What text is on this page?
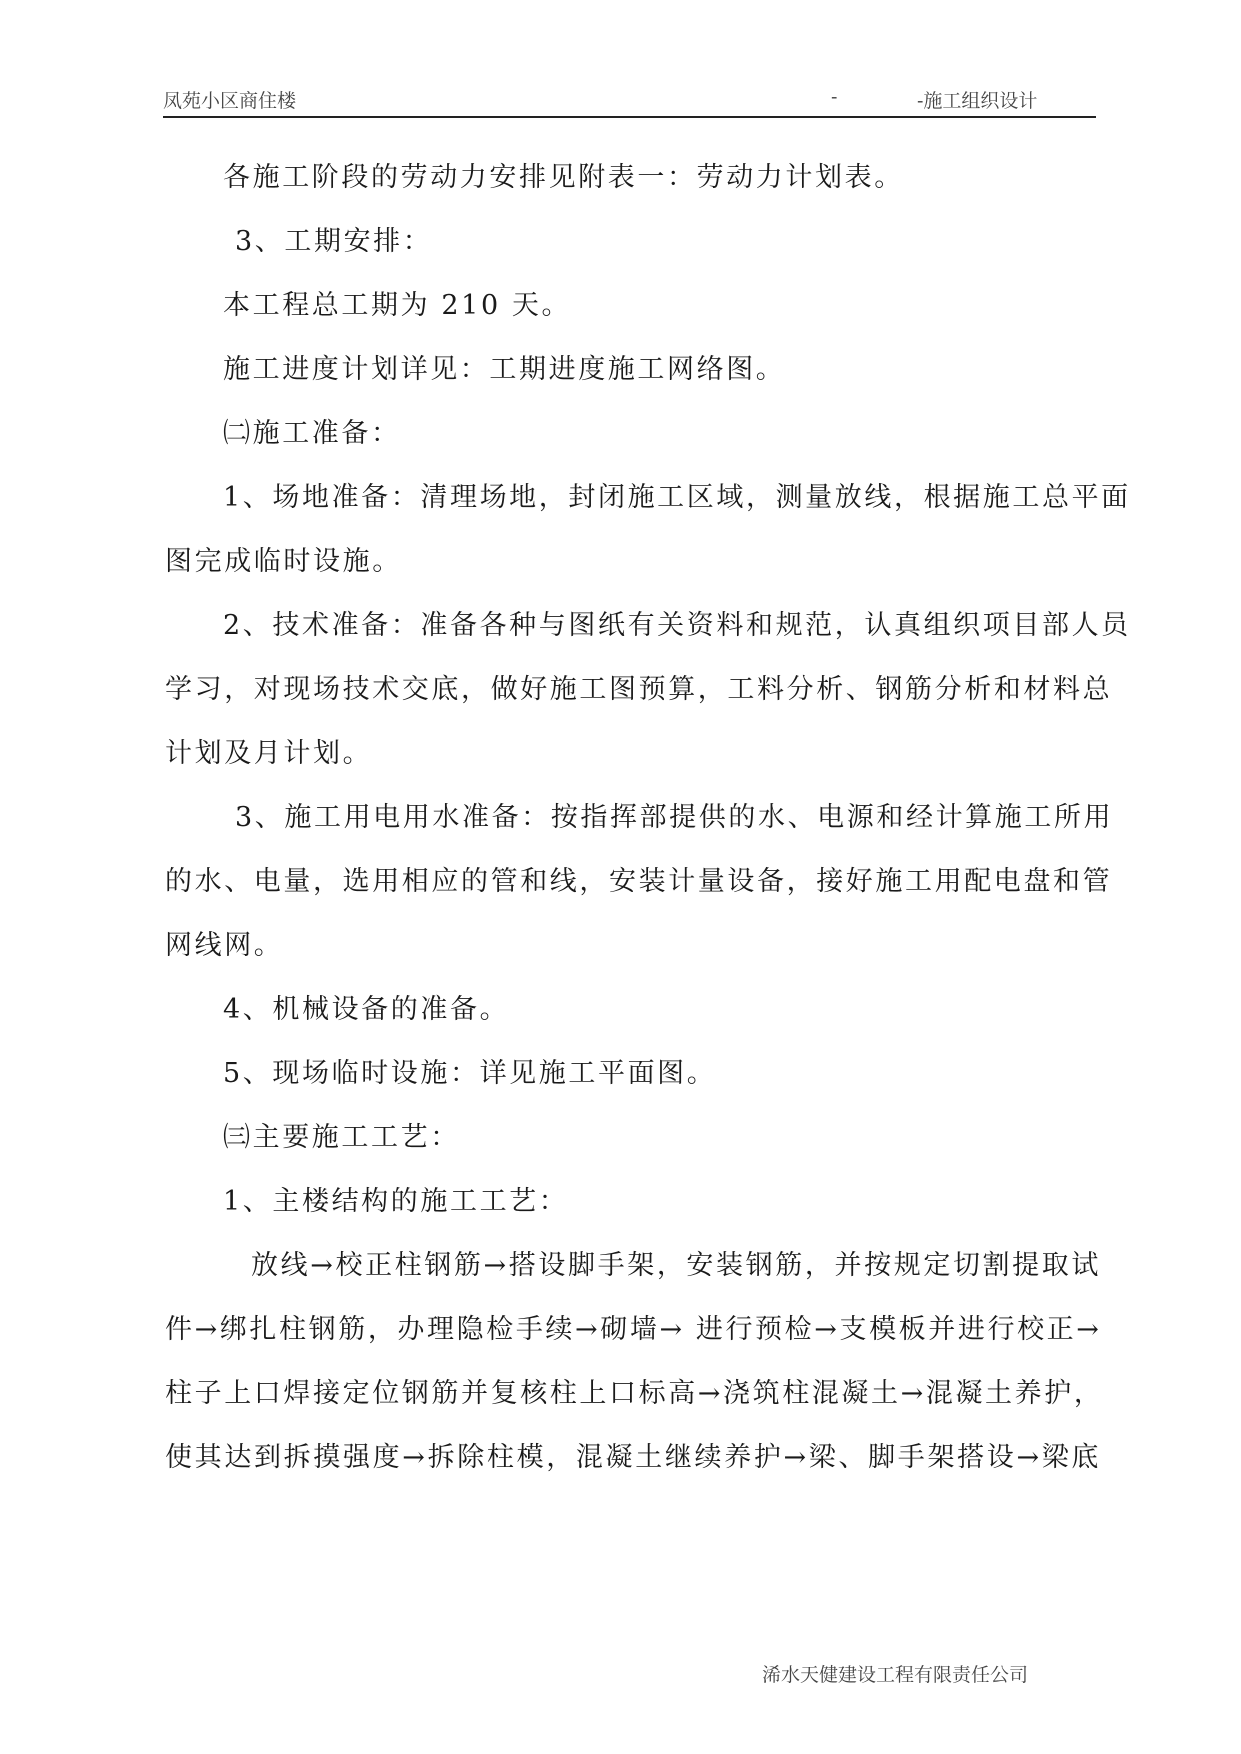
凤苑小区商住楼	-	-施工组织设计
各施工阶段的劳动力安排见附表一：劳动力计划表。
3、工期安排：
本工程总工期为 210 天。
施工进度计划详见：工期进度施工网络图。
㈡施工准备：
1、场地准备：清理场地，封闭施工区域，测量放线，根据施工总平面
图完成临时设施。
2、技术准备：准备各种与图纸有关资料和规范，认真组织项目部人员
学习，对现场技术交底，做好施工图预算，工料分析、钢筋分析和材料总
计划及月计划。
3、施工用电用水准备：按指挥部提供的水、电源和经计算施工所用
的水、电量，选用相应的管和线，安装计量设备，接好施工用配电盘和管
网线网。
4、机械设备的准备。
5、现场临时设施：详见施工平面图。
㈢主要施工工艺：
1、主楼结构的施工工艺：
放线→校正柱钢筋→搭设脚手架，安装钢筋，并按规定切割提取试
件→绑扎柱钢筋，办理隐检手续→砌墙→ 进行预检→支模板并进行校正→
柱子上口焊接定位钢筋并复核柱上口标高→浇筑柱混凝土→混凝土养护，
使其达到拆摸强度→拆除柱模，混凝土继续养护→梁、脚手架搭设→梁底
浠水天健建设工程有限责任公司
